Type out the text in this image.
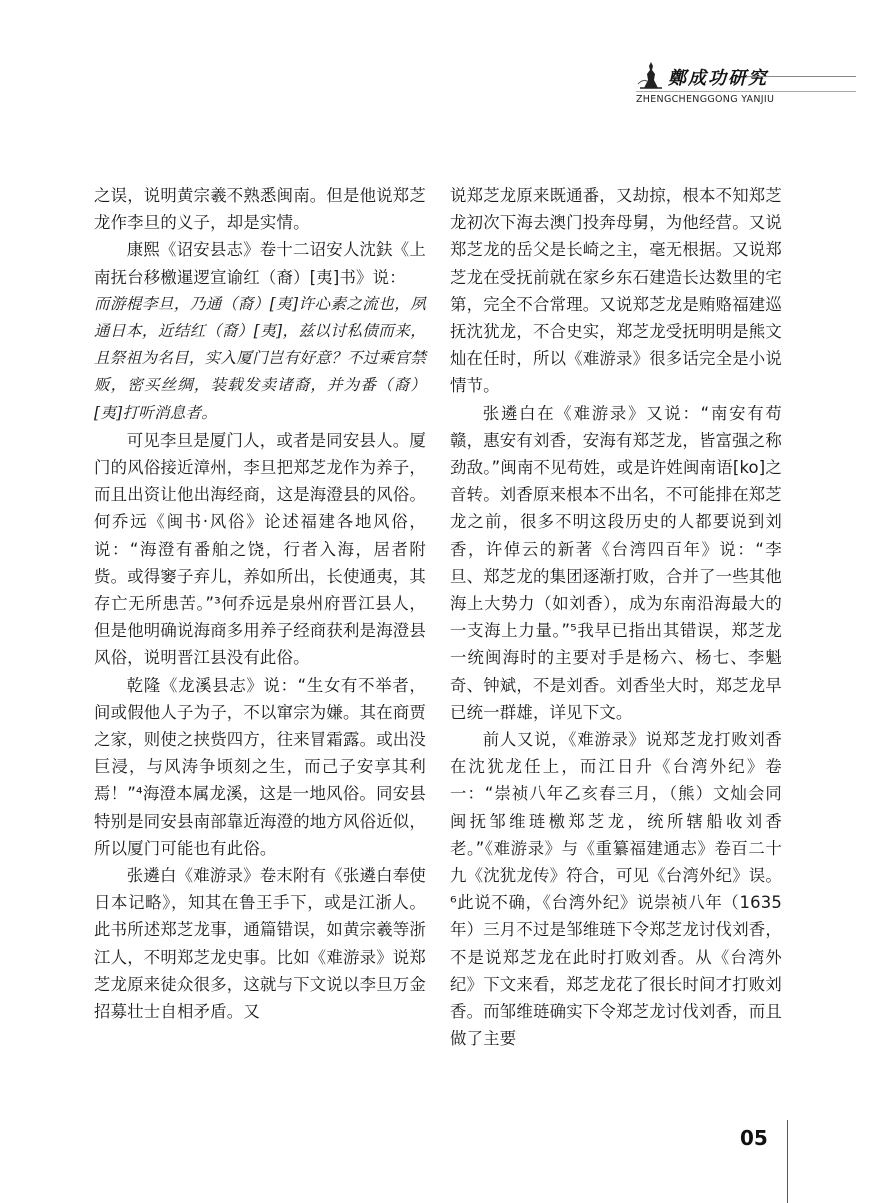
鄭成功研究
ZHENGCHENGGONG YANJIU

之误，说明黄宗羲不熟悉闽南。但是他说郑芝龙作李旦的义子，却是实情。

康熙《诏安县志》卷十二诏安人沈鈇《上南抚台移檄暹逻宣谕红（裔）[夷]书》说：

而游棍李旦，乃通（裔）[夷]许心素之流也，夙通日本，近结红（裔）[夷]，兹以讨私债而来，且祭祖为名目，实入厦门岂有好意？不过乘官禁贩，密买丝绸，装载发卖诸裔，并为番（裔）[夷]打听消息者。

可见李旦是厦门人，或者是同安县人。厦门的风俗接近漳州，李旦把郑芝龙作为养子，而且出资让他出海经商，这是海澄县的风俗。何乔远《闽书·风俗》论述福建各地风俗，说：“海澄有番舶之饶，行者入海，居者附赀。或得窭子弃儿，养如所出，长使通夷，其存亡无所患苦。”³何乔远是泉州府晋江县人，但是他明确说海商多用养子经商获利是海澄县风俗，说明晋江县没有此俗。

乾隆《龙溪县志》说：“生女有不举者，间或假他人子为子，不以窜宗为嫌。其在商贾之家，则使之挟赀四方，往来冒霜露。或出没巨浸，与风涛争顷刻之生，而己子安享其利焉！”⁴海澄本属龙溪，这是一地风俗。同安县特别是同安县南部靠近海澄的地方风俗近似，所以厦门可能也有此俗。

张遴白《难游录》卷末附有《张遴白奉使日本记略》，知其在鲁王手下，或是江浙人。此书所述郑芝龙事，通篇错误，如黄宗羲等浙江人，不明郑芝龙史事。比如《难游录》说郑芝龙原来徒众很多，这就与下文说以李旦万金招募壮士自相矛盾。又

说郑芝龙原来既通番，又劫掠，根本不知郑芝龙初次下海去澳门投奔母舅，为他经营。又说郑芝龙的岳父是长崎之主，毫无根据。又说郑芝龙在受抚前就在家乡东石建造长达数里的宅第，完全不合常理。又说郑芝龙是贿赂福建巡抚沈犹龙，不合史实，郑芝龙受抚明明是熊文灿在任时，所以《难游录》很多话完全是小说情节。

张遴白在《难游录》又说：“南安有苟赣，惠安有刘香，安海有郑芝龙，皆富强之称劲敌。”闽南不见苟姓，或是许姓闽南语[ko]之音转。刘香原来根本不出名，不可能排在郑芝龙之前，很多不明这段历史的人都要说到刘香，许倬云的新著《台湾四百年》说：“李旦、郑芝龙的集团逐渐打败，合并了一些其他海上大势力（如刘香），成为东南沿海最大的一支海上力量。”⁵我早已指出其错误，郑芝龙一统闽海时的主要对手是杨六、杨七、李魁奇、钟斌，不是刘香。刘香坐大时，郑芝龙早已统一群雄，详见下文。

前人又说，《难游录》说郑芝龙打败刘香在沈犹龙任上，而江日升《台湾外纪》卷一：“崇祯八年乙亥春三月，（熊）文灿会同闽抚邹维琏檄郑芝龙，统所辖船收刘香老。”《难游录》与《重纂福建通志》卷百二十九《沈犹龙传》符合，可见《台湾外纪》误。⁶此说不确，《台湾外纪》说崇祯八年（1635年）三月不过是邹维琏下令郑芝龙讨伐刘香，不是说郑芝龙在此时打败刘香。从《台湾外纪》下文来看，郑芝龙花了很长时间才打败刘香。而邹维琏确实下令郑芝龙讨伐刘香，而且做了主要

05
